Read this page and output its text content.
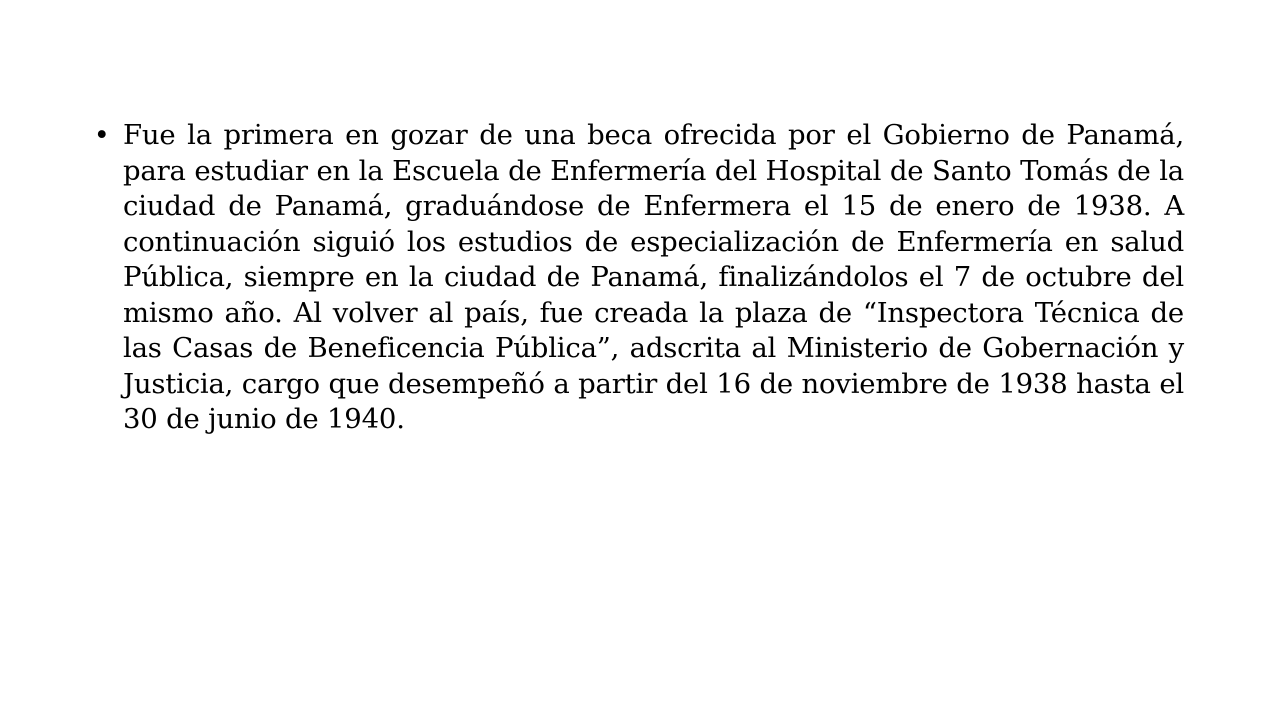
• Fue la primera en gozar de una beca ofrecida por el Gobierno de Panamá, para estudiar en la Escuela de Enfermería del Hospital de Santo Tomás de la ciudad de Panamá, graduándose de Enfermera el 15 de enero de 1938. A continuación siguió los estudios de especialización de Enfermería en salud Pública, siempre en la ciudad de Panamá, finalizándolos el 7 de octubre del mismo año. Al volver al país, fue creada la plaza de “Inspectora Técnica de las Casas de Beneficencia Pública”, adscrita al Ministerio de Gobernación y Justicia, cargo que desempeñó a partir del 16 de noviembre de 1938 hasta el 30 de junio de 1940.
